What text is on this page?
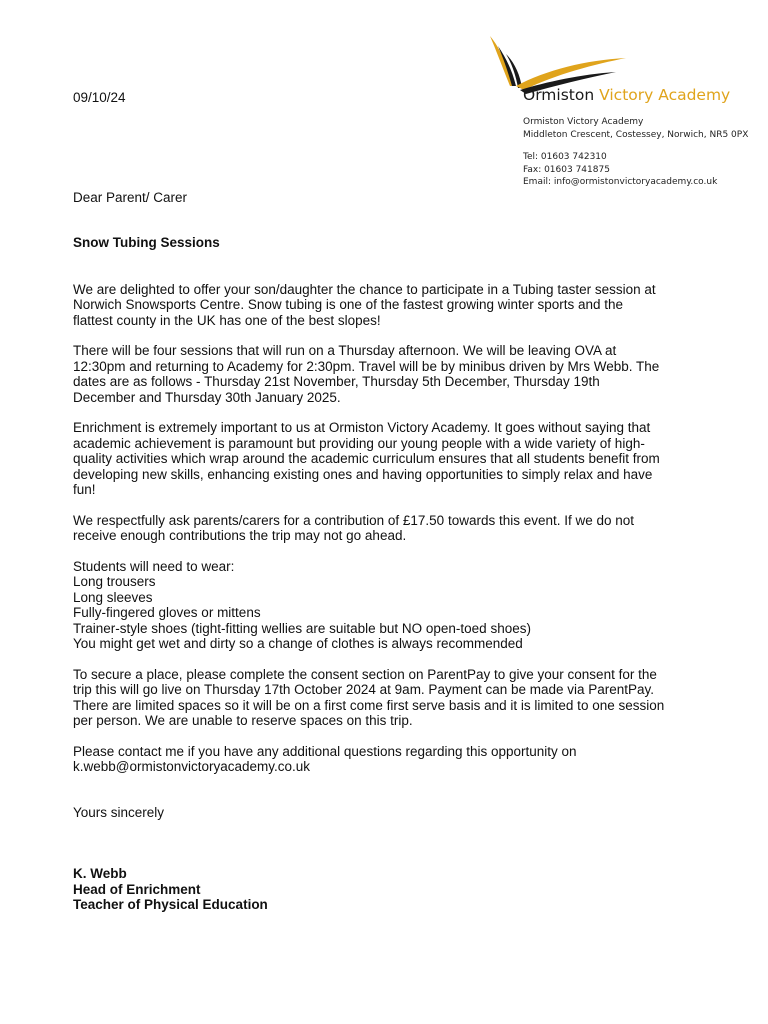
09/10/24	Ormiston Victory Academy
Ormiston Victory Academy
Middleton Crescent, Costessey, Norwich, NR5 0PX
Tel: 01603 742310
Fax: 01603 741875
Email: info@ormistonvictoryacademy.co.uk

Dear Parent/ Carer

Snow Tubing Sessions

We are delighted to offer your son/daughter the chance to participate in a Tubing taster session at
Norwich Snowsports Centre. Snow tubing is one of the fastest growing winter sports and the
flattest county in the UK has one of the best slopes!

There will be four sessions that will run on a Thursday afternoon. We will be leaving OVA at
12:30pm and returning to Academy for 2:30pm. Travel will be by minibus driven by Mrs Webb. The
dates are as follows - Thursday 21st November, Thursday 5th December, Thursday 19th
December and Thursday 30th January 2025.

Enrichment is extremely important to us at Ormiston Victory Academy. It goes without saying that
academic achievement is paramount but providing our young people with a wide variety of high-
quality activities which wrap around the academic curriculum ensures that all students benefit from
developing new skills, enhancing existing ones and having opportunities to simply relax and have
fun!

We respectfully ask parents/carers for a contribution of £17.50 towards this event. If we do not
receive enough contributions the trip may not go ahead.

Students will need to wear:
Long trousers
Long sleeves
Fully-fingered gloves or mittens
Trainer-style shoes (tight-fitting wellies are suitable but NO open-toed shoes)
You might get wet and dirty so a change of clothes is always recommended

To secure a place, please complete the consent section on ParentPay to give your consent for the
trip this will go live on Thursday 17th October 2024 at 9am. Payment can be made via ParentPay.
There are limited spaces so it will be on a first come first serve basis and it is limited to one session
per person. We are unable to reserve spaces on this trip.

Please contact me if you have any additional questions regarding this opportunity on
k.webb@ormistonvictoryacademy.co.uk

Yours sincerely

K. Webb
Head of Enrichment
Teacher of Physical Education
